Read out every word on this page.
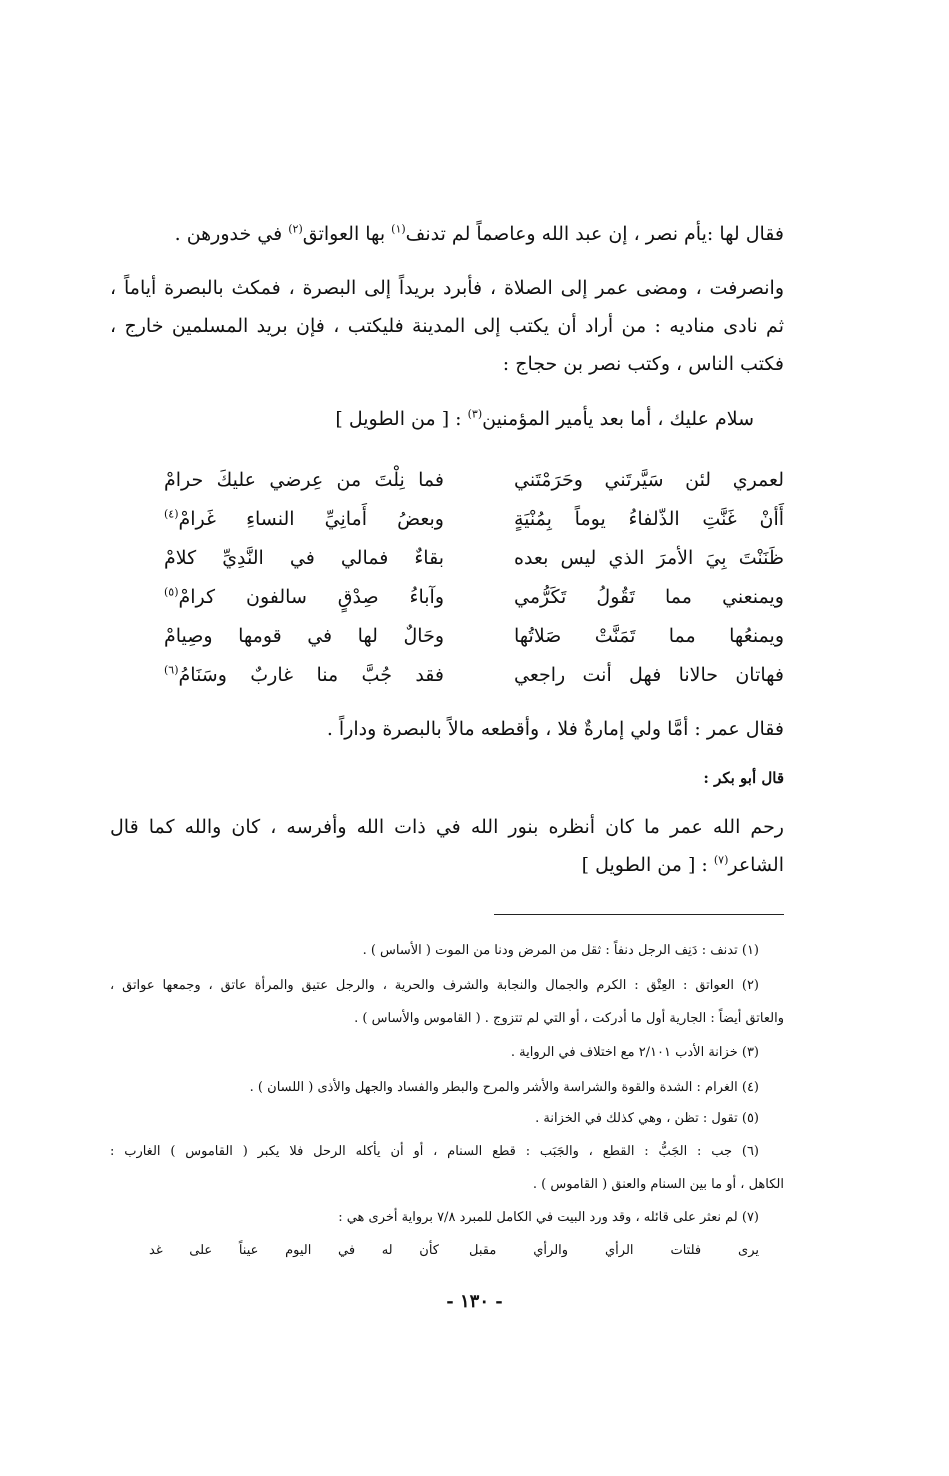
فقال لها :يأم نصر ، إن عبد الله وعاصماً لم تدنف$^{(١)}$ بها العواتق$^{(٢)}$ في خدورهن .
وانصرفت ، ومضى عمر إلى الصلاة ، فأبرد بريداً إلى البصرة ، فمكث بالبصرة أياماً ،
ثم نادى مناديه : من أراد أن يكتب إلى المدينة فليكتب ، فإن بريد المسلمين خارج ،
فكتب الناس ، وكتب نصر بن حجاج :
سلام عليك ، أما بعد يأمير المؤمنين$^{(٣)}$ : [ من الطويل ]
لعمري لئن سَيَّرتَني وحَرَمْتَني
فما نِلْتَ من عِرضي عليكَ حرامْ
أَأنْ غَنَّتِ الذّلفاءُ يوماً بِمُنْيَةٍ
وبعضُ أَمانِيِّ النساءِ غَرامْ$^{(٤)}$
ظَنَنْتَ بِيَ الأمرَ الذي ليس بعده
بقاءٌ فمالي في النَّدِيِّ كلامْ
ويمنعني مما تَقُولُ تَكَرُّمي
وآباءُ صِدْقٍ سالفون كرامْ$^{(٥)}$
ويمنعُها مما تَمَنَّتْ صَلاتُها
وحَالٌ لها في قومها وصِيامْ
فهاتان حالانا فهل أنت راجعي
فقد جُبَّ منا غاربٌ وسَنَامُ$^{(٦)}$
فقال عمر : أمَّا ولي إمارةٌ فلا ، وأقطعه مالاً بالبصرة وداراً .
قال أبو بكر :
رحم الله عمر ما كان أنظره بنور الله في ذات الله وأفرسه ، كان والله كما قال
الشاعر$^{(٧)}$ : [ من الطويل ]
(١) تدنف : دَنِف الرجل دنفاً : ثقل من المرض ودنا من الموت ( الأساس ) .
(٢) العواتق : العِتْق : الكرم والجمال والنجابة والشرف والحرية ، والرجل عتيق والمرأة عاتق ، وجمعها عواتق ،
والعاتق أيضاً : الجارية أول ما أدركت ، أو التي لم تتزوج . ( القاموس والأساس ) .
(٣) خزانة الأدب ٢/١٠١ مع اختلاف في الرواية .
(٤) الغرام : الشدة والقوة والشراسة والأشر والمرح والبطر والفساد والجهل والأذى ( اللسان ) .
(٥) تقول : تظن ، وهي كذلك في الخزانة .
(٦) جب : الجَبُّ : القطع ، والجَبَب : قطع السنام ، أو أن يأكله الرحل فلا يكبر ( القاموس ) الغارب :
الكاهل ، أو ما بين السنام والعنق ( القاموس ) .
(٧) لم نعثر على قائله ، وقد ورد البيت في الكامل للمبرد ٧/٨ برواية أخرى هي :
يرى فلتات الرأي والرأي مقبل
كأن له في اليوم عيناً على غد
- ١٣٠ -
